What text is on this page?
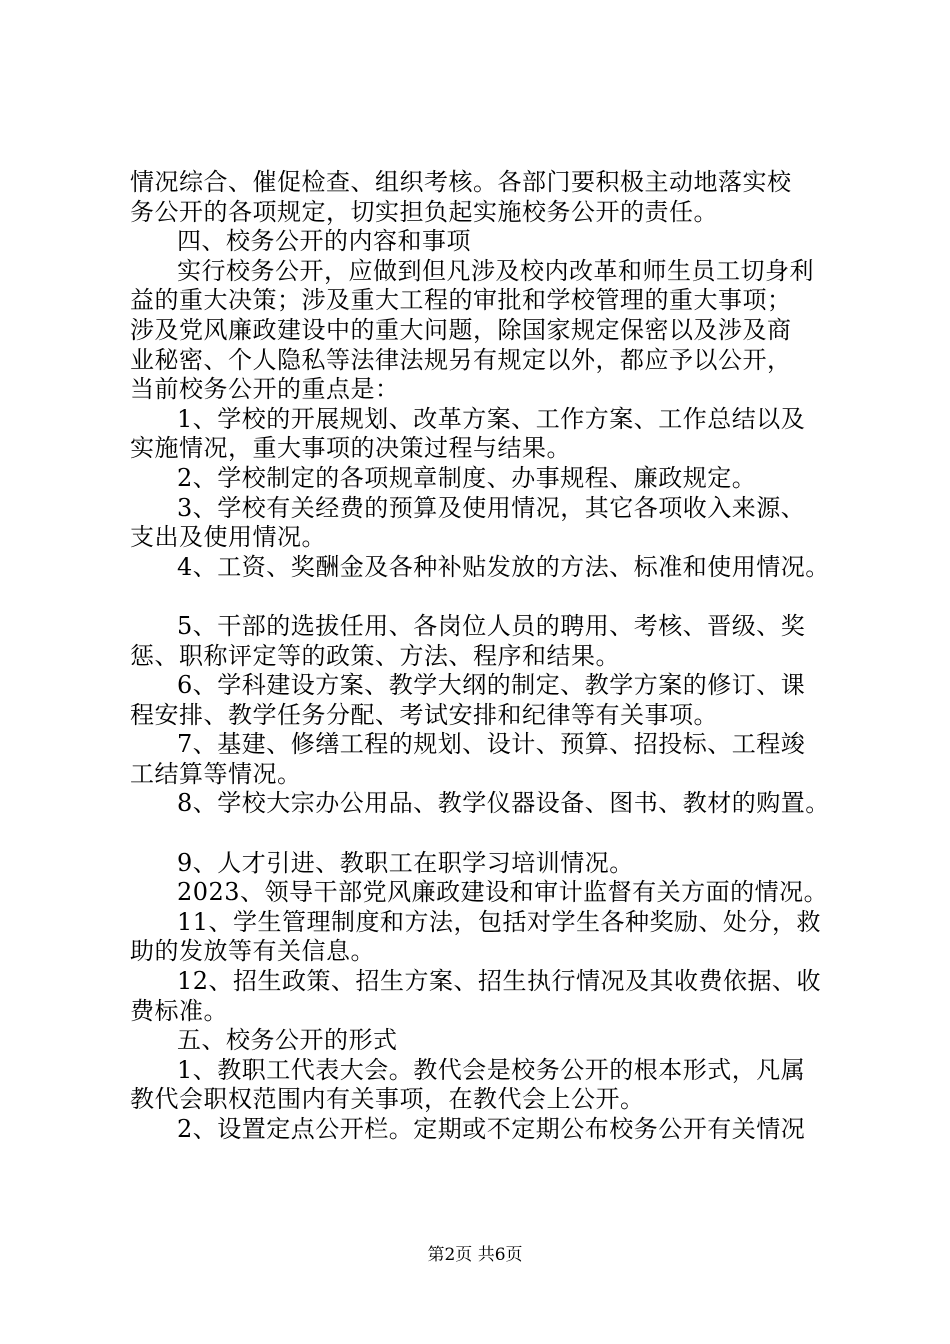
情况综合、催促检查、组织考核。各部门要积极主动地落实校
务公开的各项规定，切实担负起实施校务公开的责任。
四、校务公开的内容和事项
实行校务公开，应做到但凡涉及校内改革和师生员工切身利
益的重大决策；涉及重大工程的审批和学校管理的重大事项；
涉及党风廉政建设中的重大问题，除国家规定保密以及涉及商
业秘密、个人隐私等法律法规另有规定以外，都应予以公开，
当前校务公开的重点是：
1、学校的开展规划、改革方案、工作方案、工作总结以及
实施情况，重大事项的决策过程与结果。
2、学校制定的各项规章制度、办事规程、廉政规定。
3、学校有关经费的预算及使用情况，其它各项收入来源、
支出及使用情况。
4、工资、奖酬金及各种补贴发放的方法、标准和使用情况。
5、干部的选拔任用、各岗位人员的聘用、考核、晋级、奖
惩、职称评定等的政策、方法、程序和结果。
6、学科建设方案、教学大纲的制定、教学方案的修订、课
程安排、教学任务分配、考试安排和纪律等有关事项。
7、基建、修缮工程的规划、设计、预算、招投标、工程竣
工结算等情况。
8、学校大宗办公用品、教学仪器设备、图书、教材的购置。
9、人才引进、教职工在职学习培训情况。
2023、领导干部党风廉政建设和审计监督有关方面的情况。
11、学生管理制度和方法，包括对学生各种奖励、处分，救
助的发放等有关信息。
12、招生政策、招生方案、招生执行情况及其收费依据、收
费标准。
五、校务公开的形式
1、教职工代表大会。教代会是校务公开的根本形式，凡属
教代会职权范围内有关事项，在教代会上公开。
2、设置定点公开栏。定期或不定期公布校务公开有关情况
第2页 共6页
